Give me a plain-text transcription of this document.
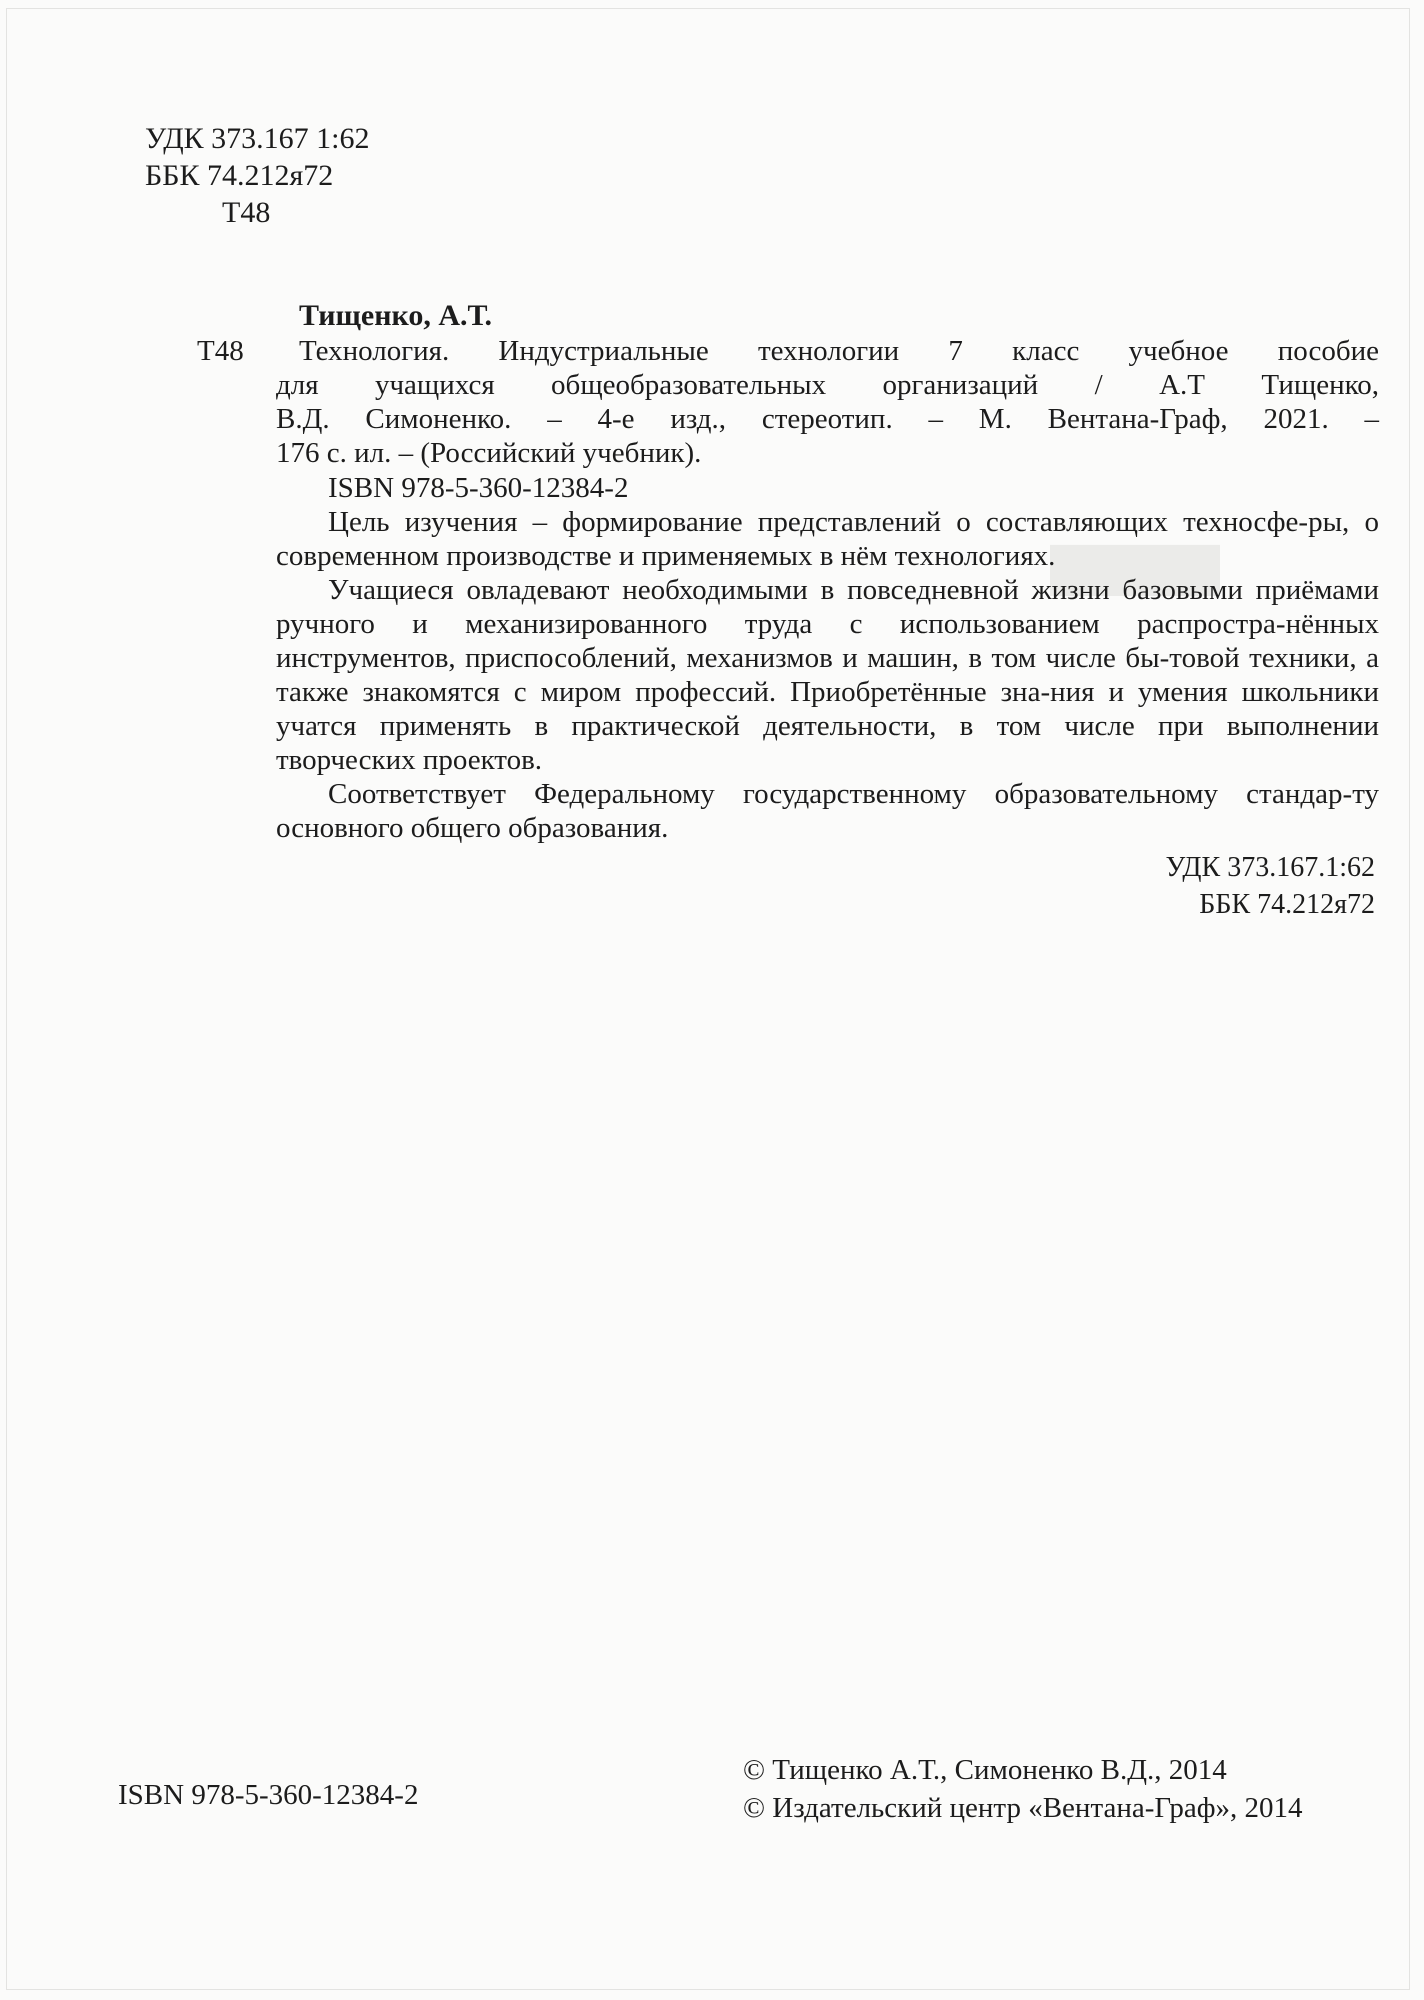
▬
УДК 373.167 1:62
ББК 74.212я72
Т48
Тищенко, А.Т.
Т48 Технология. Индустриальные технологии 7 класс учебное пособие
для учащихся общеобразовательных организаций / А.Т Тищенко,
В.Д. Симоненко. – 4-е изд., стереотип. – М. Вентана-Граф, 2021. –
176 с. ил. – (Российский учебник).
ISBN 978-5-360-12384-2
Цель изучения – формирование представлений о составляющих техносфе-ры, о современном производстве и применяемых в нём технологиях.
Учащиеся овладевают необходимыми в повседневной жизни базовыми приёмами ручного и механизированного труда с использованием распростра-нённых инструментов, приспособлений, механизмов и машин, в том числе бы-товой техники, а также знакомятся с миром профессий. Приобретённые зна-ния и умения школьники учатся применять в практической деятельности, в том числе при выполнении творческих проектов.
Соответствует Федеральному государственному образовательному стандар-ту основного общего образования.
УДК 373.167.1:62
ББК 74.212я72
ISBN 978-5-360-12384-2
© Тищенко А.Т., Симоненко В.Д., 2014
© Издательский центр «Вентана-Граф», 2014
